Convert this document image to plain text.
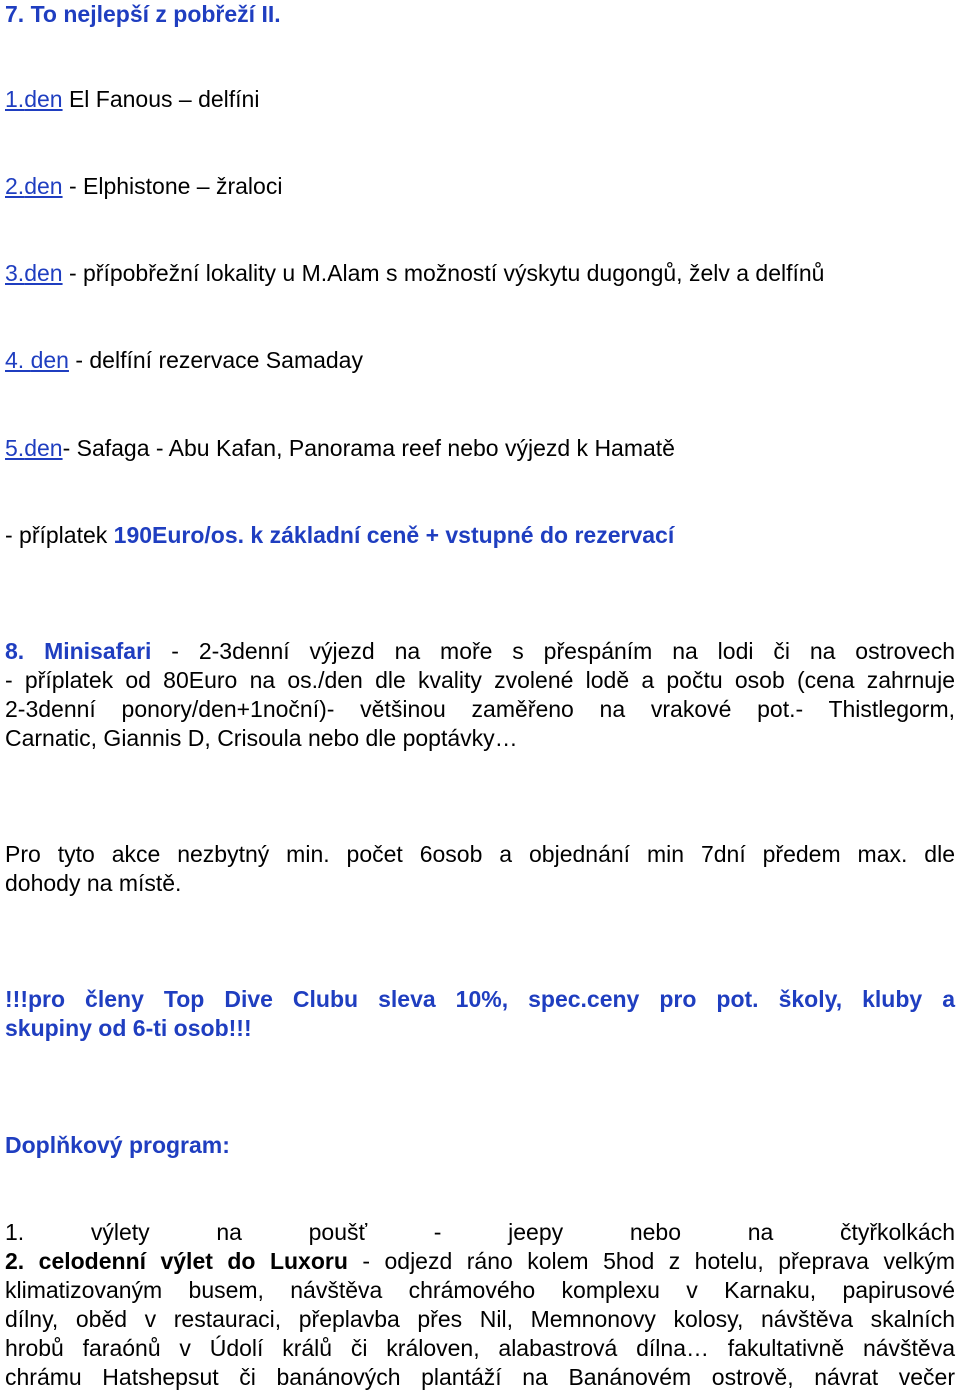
7. To nejlepší z pobřeží II.
1.den El Fanous – delfíni
2.den - Elphistone – žraloci
3.den - přípobřežní lokality u M.Alam s možností výskytu dugongů, želv a delfínů
4. den - delfíní rezervace Samaday
5.den- Safaga - Abu Kafan, Panorama reef nebo výjezd k Hamatě
- příplatek 190Euro/os. k základní ceně + vstupné do rezervací
8. Minisafari - 2-3denní výjezd na moře s přespáním na lodi či na ostrovech
- příplatek od 80Euro na os./den dle kvality zvolené lodě a počtu osob (cena zahrnuje
2-3denní ponory/den+1noční)- většinou zaměřeno na vrakové pot.- Thistlegorm,
Carnatic, Giannis D, Crisoula nebo dle poptávky…
Pro tyto akce nezbytný min. počet 6osob a objednání min 7dní předem max. dle
dohody na místě.
!!!pro členy Top Dive Clubu sleva 10%, spec.ceny pro pot. školy, kluby a
skupiny od 6-ti osob!!!
Doplňkový program:
1. výlety na poušť - jeepy nebo na čtyřkolkách
2. celodenní výlet do Luxoru - odjezd ráno kolem 5hod z hotelu, přeprava velkým
klimatizovaným busem, návštěva chrámového komplexu v Karnaku, papirusové
dílny, oběd v restauraci, přeplavba přes Nil, Memnonovy kolosy, návštěva skalních
hrobů faraónů v Údolí králů či královen, alabastrová dílna… fakultativně návštěva
chrámu Hatshepsut či banánových plantáží na Banánovém ostrově, návrat večer
